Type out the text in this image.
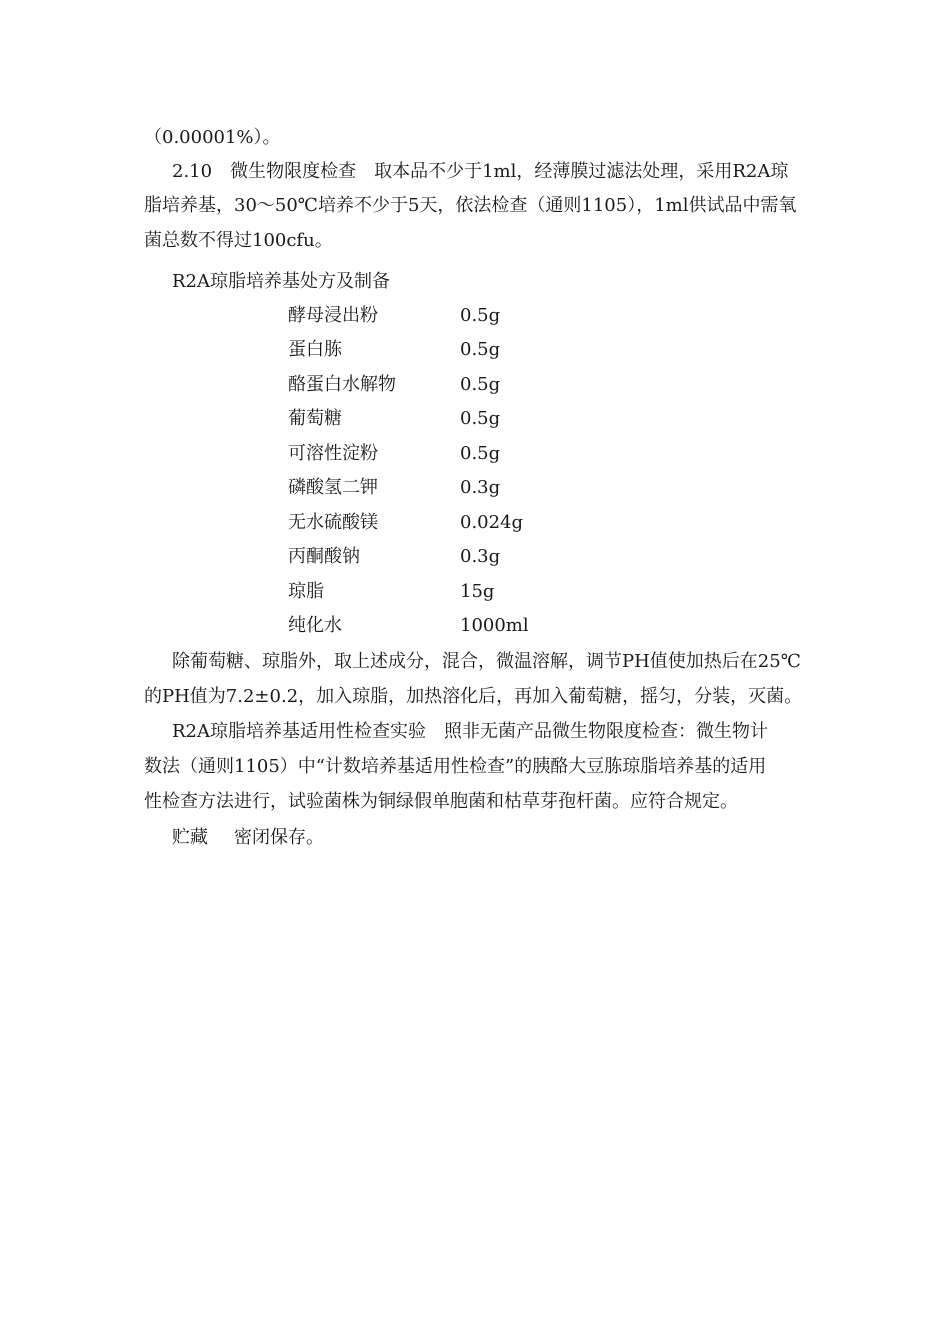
（0.00001%）。
2.10 微生物限度检查 取本品不少于1ml，经薄膜过滤法处理，采用R2A琼
脂培养基，30～50℃培养不少于5天，依法检查（通则1105），1ml供试品中需氧
菌总数不得过100cfu。
R2A琼脂培养基处方及制备
酵母浸出粉	0.5g
蛋白胨	0.5g
酪蛋白水解物	0.5g
葡萄糖	0.5g
可溶性淀粉	0.5g
磷酸氢二钾	0.3g
无水硫酸镁	0.024g
丙酮酸钠	0.3g
琼脂	15g
纯化水	1000ml
除葡萄糖、琼脂外，取上述成分，混合，微温溶解，调节PH值使加热后在25℃
的PH值为7.2±0.2，加入琼脂，加热溶化后，再加入葡萄糖，摇匀，分装，灭菌。
R2A琼脂培养基适用性检查实验 照非无菌产品微生物限度检查：微生物计
数法（通则1105）中“计数培养基适用性检查”的胰酪大豆胨琼脂培养基的适用
性检查方法进行，试验菌株为铜绿假单胞菌和枯草芽孢杆菌。应符合规定。
贮藏 密闭保存。
